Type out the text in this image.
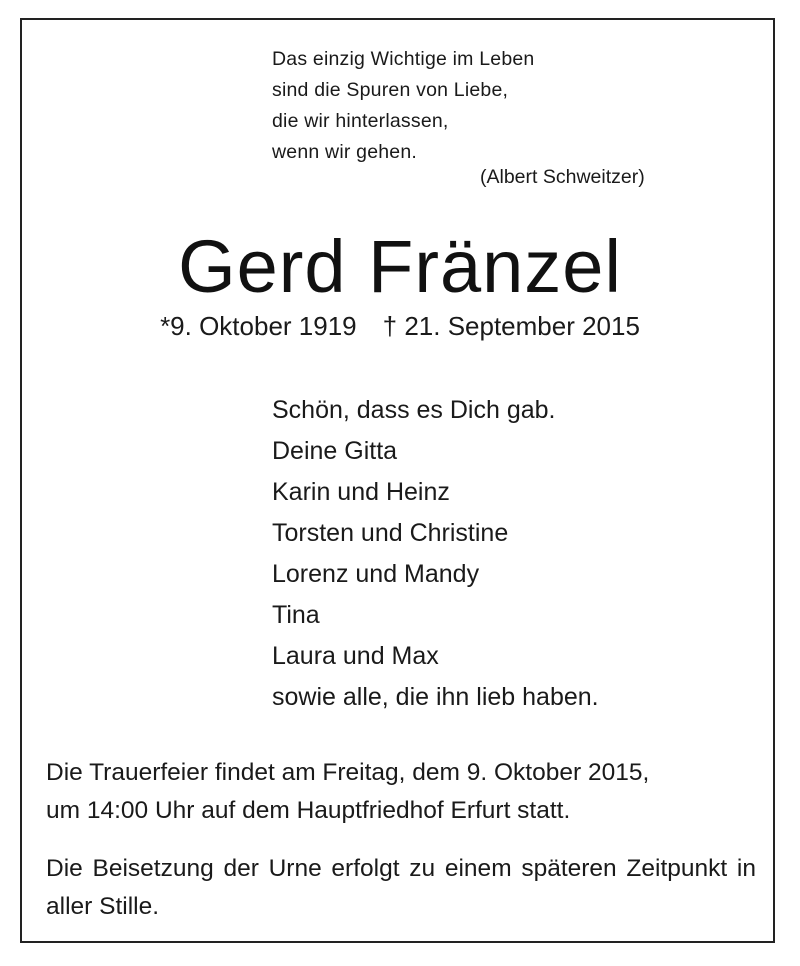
Das einzig Wichtige im Leben
sind die Spuren von Liebe,
die wir hinterlassen,
wenn wir gehen.
(Albert Schweitzer)
Gerd Fränzel
*9. Oktober 1919 † 21. September 2015
Schön, dass es Dich gab.
Deine Gitta
Karin und Heinz
Torsten und Christine
Lorenz und Mandy
Tina
Laura und Max
sowie alle, die ihn lieb haben.
Die Trauerfeier findet am Freitag, dem 9. Oktober 2015,
um 14:00 Uhr auf dem Hauptfriedhof Erfurt statt.
Die Beisetzung der Urne erfolgt zu einem späteren Zeitpunkt in aller Stille.
